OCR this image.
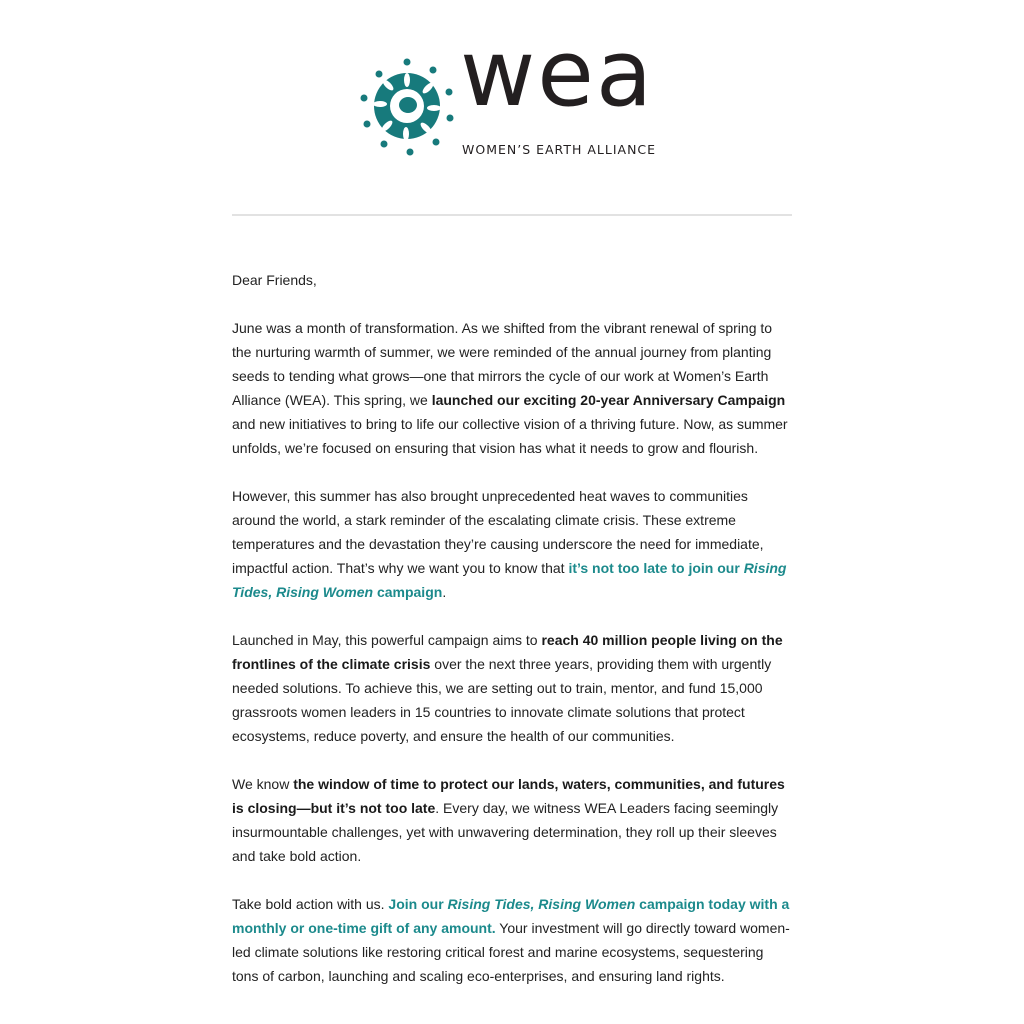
wea
WOMEN’S EARTH ALLIANCE

Dear Friends,

June was a month of transformation. As we shifted from the vibrant renewal of spring to the nurturing warmth of summer, we were reminded of the annual journey from planting seeds to tending what grows—one that mirrors the cycle of our work at Women’s Earth Alliance (WEA). This spring, we launched our exciting 20-year Anniversary Campaign and new initiatives to bring to life our collective vision of a thriving future. Now, as summer unfolds, we’re focused on ensuring that vision has what it needs to grow and flourish.

However, this summer has also brought unprecedented heat waves to communities around the world, a stark reminder of the escalating climate crisis. These extreme temperatures and the devastation they’re causing underscore the need for immediate, impactful action. That’s why we want you to know that it’s not too late to join our Rising Tides, Rising Women campaign.

Launched in May, this powerful campaign aims to reach 40 million people living on the frontlines of the climate crisis over the next three years, providing them with urgently needed solutions. To achieve this, we are setting out to train, mentor, and fund 15,000 grassroots women leaders in 15 countries to innovate climate solutions that protect ecosystems, reduce poverty, and ensure the health of our communities.

We know the window of time to protect our lands, waters, communities, and futures is closing—but it’s not too late. Every day, we witness WEA Leaders facing seemingly insurmountable challenges, yet with unwavering determination, they roll up their sleeves and take bold action.

Take bold action with us. Join our Rising Tides, Rising Women campaign today with a monthly or one-time gift of any amount. Your investment will go directly toward women-led climate solutions like restoring critical forest and marine ecosystems, sequestering tons of carbon, launching and scaling eco-enterprises, and ensuring land rights.
